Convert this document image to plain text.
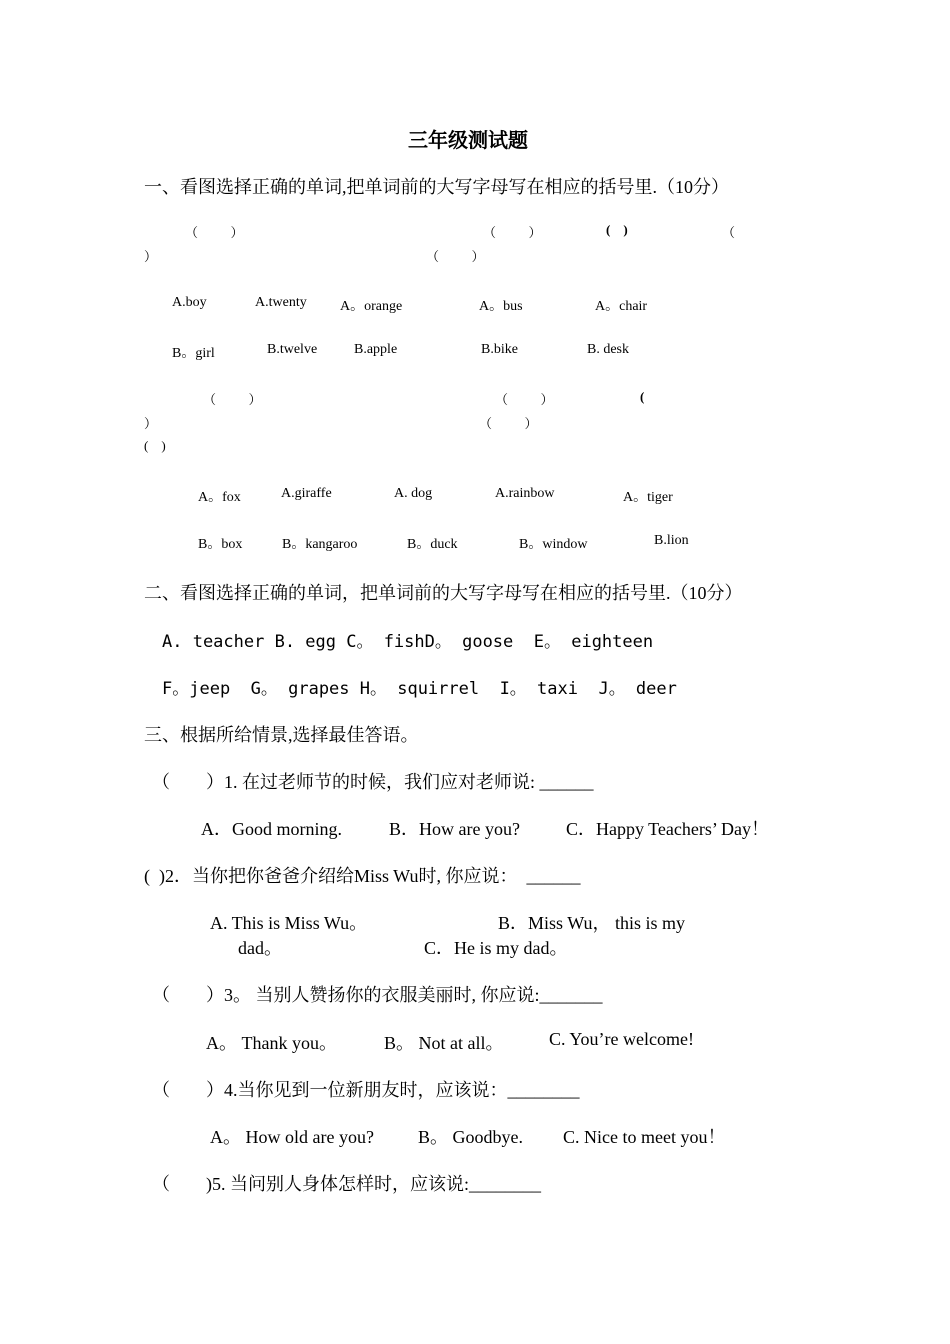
三年级测试题
一、看图选择正确的单词,把单词前的大写字母写在相应的括号里.（10分）
（          ）	（          ）	(    )	（
）	（          ）
A.boy	A.twenty A。orange	A。bus	A。chair
B。girl	B.twelve	B.apple	B.bike	B. desk
（          ）	（          ）	(
）	（          ）
(    )
A。fox	A.giraffe	A. dog	A.rainbow	A。tiger
B。box	B。kangaroo	B。duck	B。window	B.lion
二、看图选择正确的单词，把单词前的大写字母写在相应的括号里.（10分）
A. teacher B. egg C。 fishD。 goose  E。 eighteen
F。jeep  G。 grapes H。 squirrel  I。 taxi  J。 deer
三、根据所给情景,选择最佳答语。
（        ）1. 在过老师节的时候，我们应对老师说: ______
A．Good morning.	B．How are you?	C．Happy Teachers’ Day！
(  )2．当你把你爸爸介绍给Miss Wu时, 你应说：  ______
A. This is Miss Wu。	B．Miss Wu， this is my
dad。	C．He is my dad。
（        ）3。 当别人赞扬你的衣服美丽时, 你应说:_______
A。 Thank you。	B。 Not at all。	C. You’re welcome!
（        ）4.当你见到一位新朋友时，应该说：________
A。 How old are you? B。 Goodbye. C. Nice to meet you！
（        )5. 当问别人身体怎样时，应该说:________
